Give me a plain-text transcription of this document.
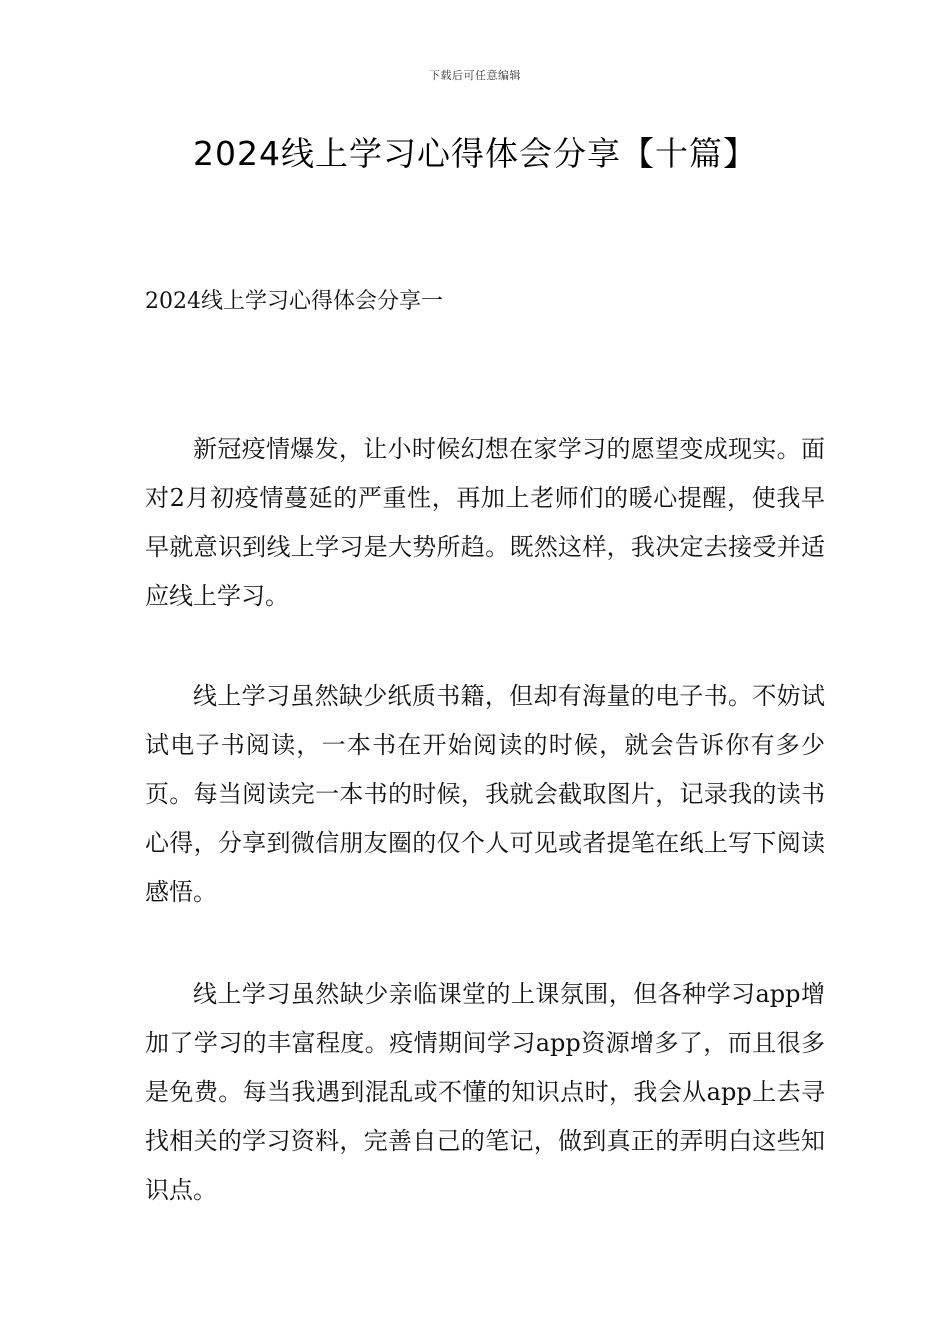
下载后可任意编辑
2024线上学习心得体会分享【十篇】
2024线上学习心得体会分享一

新冠疫情爆发，让小时候幻想在家学习的愿望变成现实。面对2月初疫情蔓延的严重性，再加上老师们的暖心提醒，使我早早就意识到线上学习是大势所趋。既然这样，我决定去接受并适应线上学习。

线上学习虽然缺少纸质书籍，但却有海量的电子书。不妨试试电子书阅读，一本书在开始阅读的时候，就会告诉你有多少页。每当阅读完一本书的时候，我就会截取图片，记录我的读书心得，分享到微信朋友圈的仅个人可见或者提笔在纸上写下阅读感悟。

线上学习虽然缺少亲临课堂的上课氛围，但各种学习app增加了学习的丰富程度。疫情期间学习app资源增多了，而且很多是免费。每当我遇到混乱或不懂的知识点时，我会从app上去寻找相关的学习资料，完善自己的笔记，做到真正的弄明白这些知识点。
